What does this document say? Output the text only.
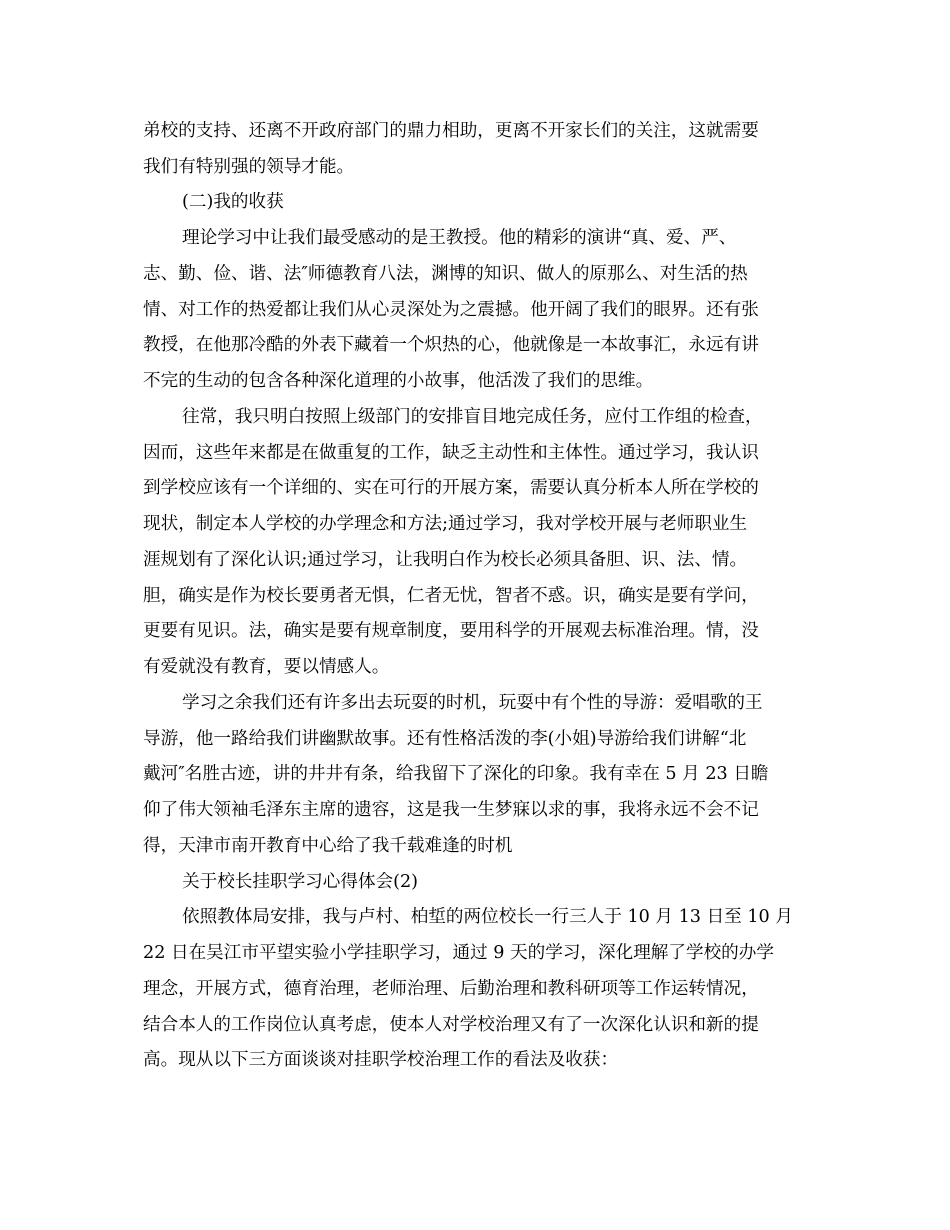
弟校的支持、还离不开政府部门的鼎力相助，更离不开家长们的关注，这就需要

我们有特别强的领导才能。

(二)我的收获

理论学习中让我们最受感动的是王教授。他的精彩的演讲“真、爱、严、

志、勤、俭、谐、法″师德教育八法，渊博的知识、做人的原那么、对生活的热

情、对工作的热爱都让我们从心灵深处为之震撼。他开阔了我们的眼界。还有张

教授，在他那冷酷的外表下藏着一个炽热的心，他就像是一本故事汇，永远有讲

不完的生动的包含各种深化道理的小故事，他活泼了我们的思维。

往常，我只明白按照上级部门的安排盲目地完成任务，应付工作组的检查，

因而，这些年来都是在做重复的工作，缺乏主动性和主体性。通过学习，我认识

到学校应该有一个详细的、实在可行的开展方案，需要认真分析本人所在学校的

现状，制定本人学校的办学理念和方法;通过学习，我对学校开展与老师职业生

涯规划有了深化认识;通过学习，让我明白作为校长必须具备胆、识、法、情。

胆，确实是作为校长要勇者无惧，仁者无忧，智者不惑。识，确实是要有学问，

更要有见识。法，确实是要有规章制度，要用科学的开展观去标准治理。情，没

有爱就没有教育，要以情感人。

学习之余我们还有许多出去玩耍的时机，玩耍中有个性的导游：爱唱歌的王

导游，他一路给我们讲幽默故事。还有性格活泼的李(小姐)导游给我们讲解“北

戴河″名胜古迹，讲的井井有条，给我留下了深化的印象。我有幸在 5 月 23 日瞻

仰了伟大领袖毛泽东主席的遗容，这是我一生梦寐以求的事，我将永远不会不记

得，天津市南开教育中心给了我千载难逢的时机

关于校长挂职学习心得体会(2)

依照教体局安排，我与卢村、柏埑的两位校长一行三人于 10 月 13 日至 10 月

22 日在吴江市平望实验小学挂职学习，通过 9 天的学习，深化理解了学校的办学

理念，开展方式，德育治理，老师治理、后勤治理和教科研项等工作运转情况，

结合本人的工作岗位认真考虑，使本人对学校治理又有了一次深化认识和新的提

高。现从以下三方面谈谈对挂职学校治理工作的看法及收获：
